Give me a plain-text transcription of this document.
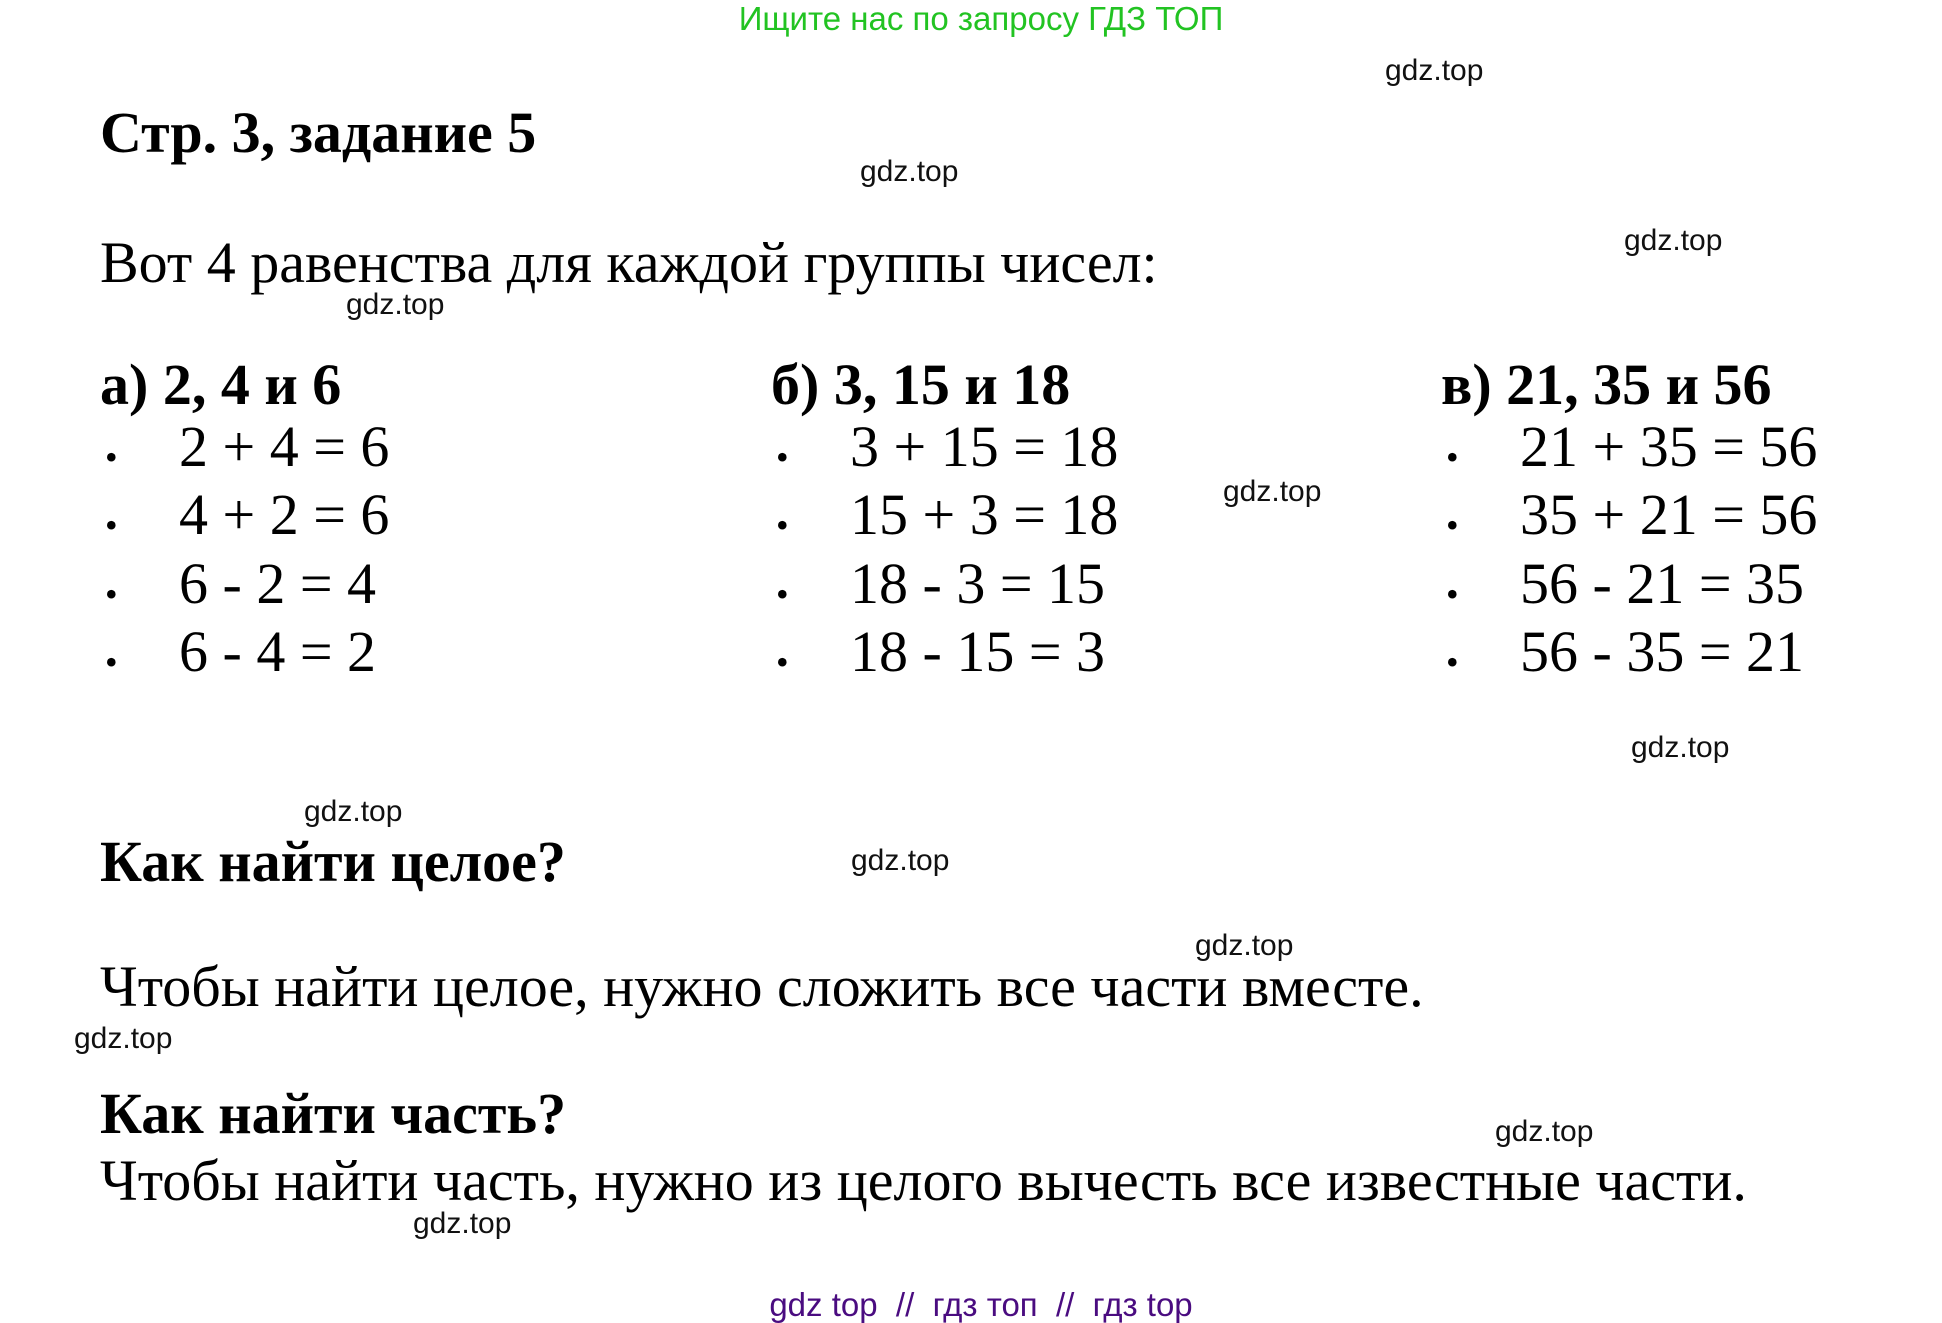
Ищите нас по запросу ГДЗ ТОП
Стр. 3, задание 5
Вот 4 равенства для каждой группы чисел:
а) 2, 4 и 6
• 2 + 4 = 6
• 4 + 2 = 6
• 6 - 2 = 4
• 6 - 4 = 2
б) 3, 15 и 18
• 3 + 15 = 18
• 15 + 3 = 18
• 18 - 3 = 15
• 18 - 15 = 3
в) 21, 35 и 56
• 21 + 35 = 56
• 35 + 21 = 56
• 56 - 21 = 35
• 56 - 35 = 21
Как найти целое?
Чтобы найти целое, нужно сложить все части вместе.
Как найти часть?
Чтобы найти часть, нужно из целого вычесть все известные части.
gdz.top
gdz.top
gdz.top
gdz.top
gdz.top
gdz.top
gdz.top
gdz.top
gdz.top
gdz.top
gdz.top
gdz.top
gdz top  //  гдз топ  //  гдз top
